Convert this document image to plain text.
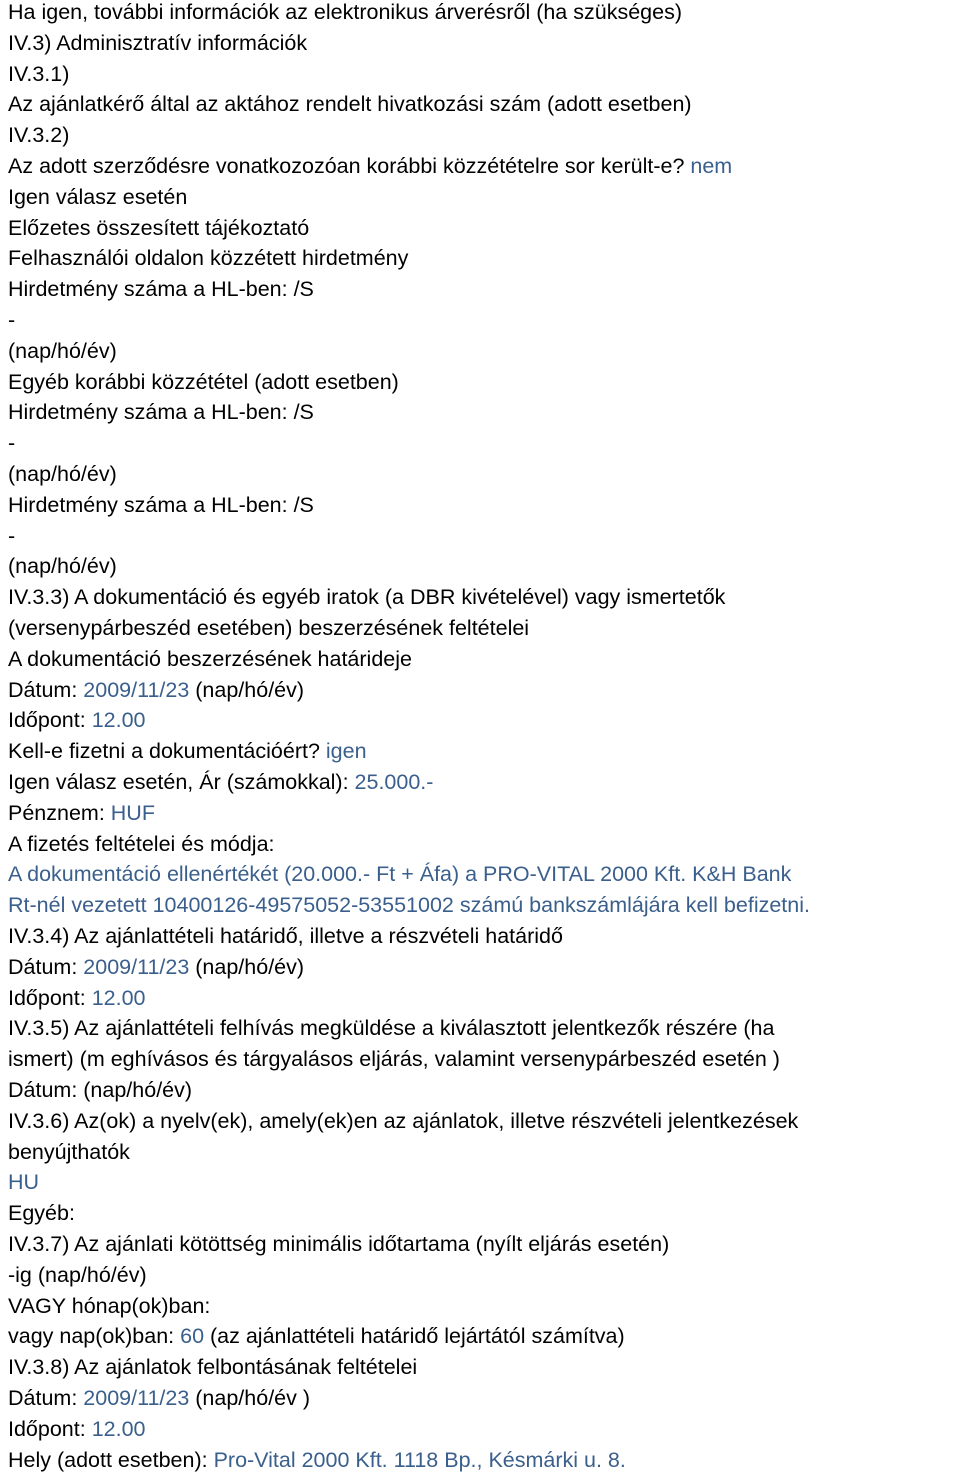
Ha igen, további információk az elektronikus árverésről (ha szükséges)
IV.3) Adminisztratív információk
IV.3.1)
Az ajánlatkérő által az aktához rendelt hivatkozási szám (adott esetben)
IV.3.2)
Az adott szerződésre vonatkozozóan korábbi közzétételre sor került-e? nem
Igen válasz esetén
Előzetes összesített tájékoztató
Felhasználói oldalon közzétett hirdetmény
Hirdetmény száma a HL-ben: /S
-
(nap/hó/év)
Egyéb korábbi közzététel (adott esetben)
Hirdetmény száma a HL-ben: /S
-
(nap/hó/év)
Hirdetmény száma a HL-ben: /S
-
(nap/hó/év)
IV.3.3) A dokumentáció és egyéb iratok (a DBR kivételével) vagy ismertetők
(versenypárbeszéd esetében) beszerzésének feltételei
A dokumentáció beszerzésének határideje
Dátum: 2009/11/23 (nap/hó/év)
Időpont: 12.00
Kell-e fizetni a dokumentációért? igen
Igen válasz esetén, Ár (számokkal): 25.000.-
Pénznem: HUF
A fizetés feltételei és módja:
A dokumentáció ellenértékét (20.000.- Ft + Áfa) a PRO-VITAL 2000 Kft. K&H Bank
Rt-nél vezetett 10400126-49575052-53551002 számú bankszámlájára kell befizetni.
IV.3.4) Az ajánlattételi határidő, illetve a részvételi határidő
Dátum: 2009/11/23 (nap/hó/év)
Időpont: 12.00
IV.3.5) Az ajánlattételi felhívás megküldése a kiválasztott jelentkezők részére (ha
ismert) (m eghívásos és tárgyalásos eljárás, valamint versenypárbeszéd esetén )
Dátum: (nap/hó/év)
IV.3.6) Az(ok) a nyelv(ek), amely(ek)en az ajánlatok, illetve részvételi jelentkezések
benyújthatók
HU
Egyéb:
IV.3.7) Az ajánlati kötöttség minimális időtartama (nyílt eljárás esetén)
-ig (nap/hó/év)
VAGY hónap(ok)ban:
vagy nap(ok)ban: 60 (az ajánlattételi határidő lejártától számítva)
IV.3.8) Az ajánlatok felbontásának feltételei
Dátum: 2009/11/23 (nap/hó/év )
Időpont: 12.00
Hely (adott esetben): Pro-Vital 2000 Kft. 1118 Bp., Késmárki u. 8.
